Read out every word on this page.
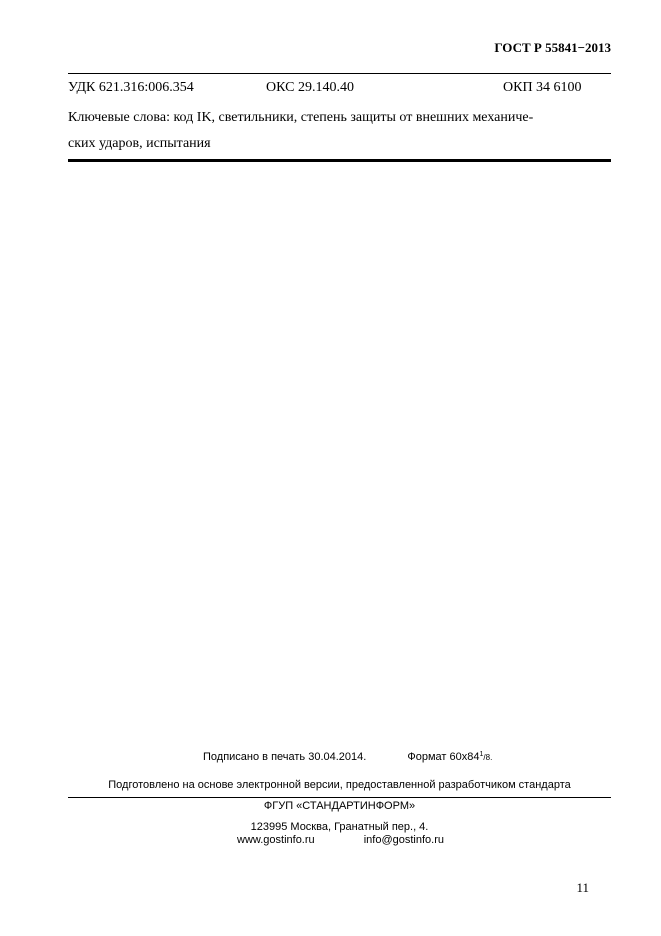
ГОСТ Р 55841−2013
УДК 621.316:006.354	ОКС 29.140.40	ОКП 34 6100
Ключевые слова: код IK, светильники, степень защиты от внешних механиче-
ских ударов, испытания
Подписано в печать 30.04.2014.	Формат $60x84^1/8$.
Подготовлено на основе электронной версии, предоставленной разработчиком стандарта
ФГУП «СТАНДАРТИНФОРМ»
123995 Москва, Гранатный пер., 4.
www.gostinfo.ru	info@gostinfo.ru
11
